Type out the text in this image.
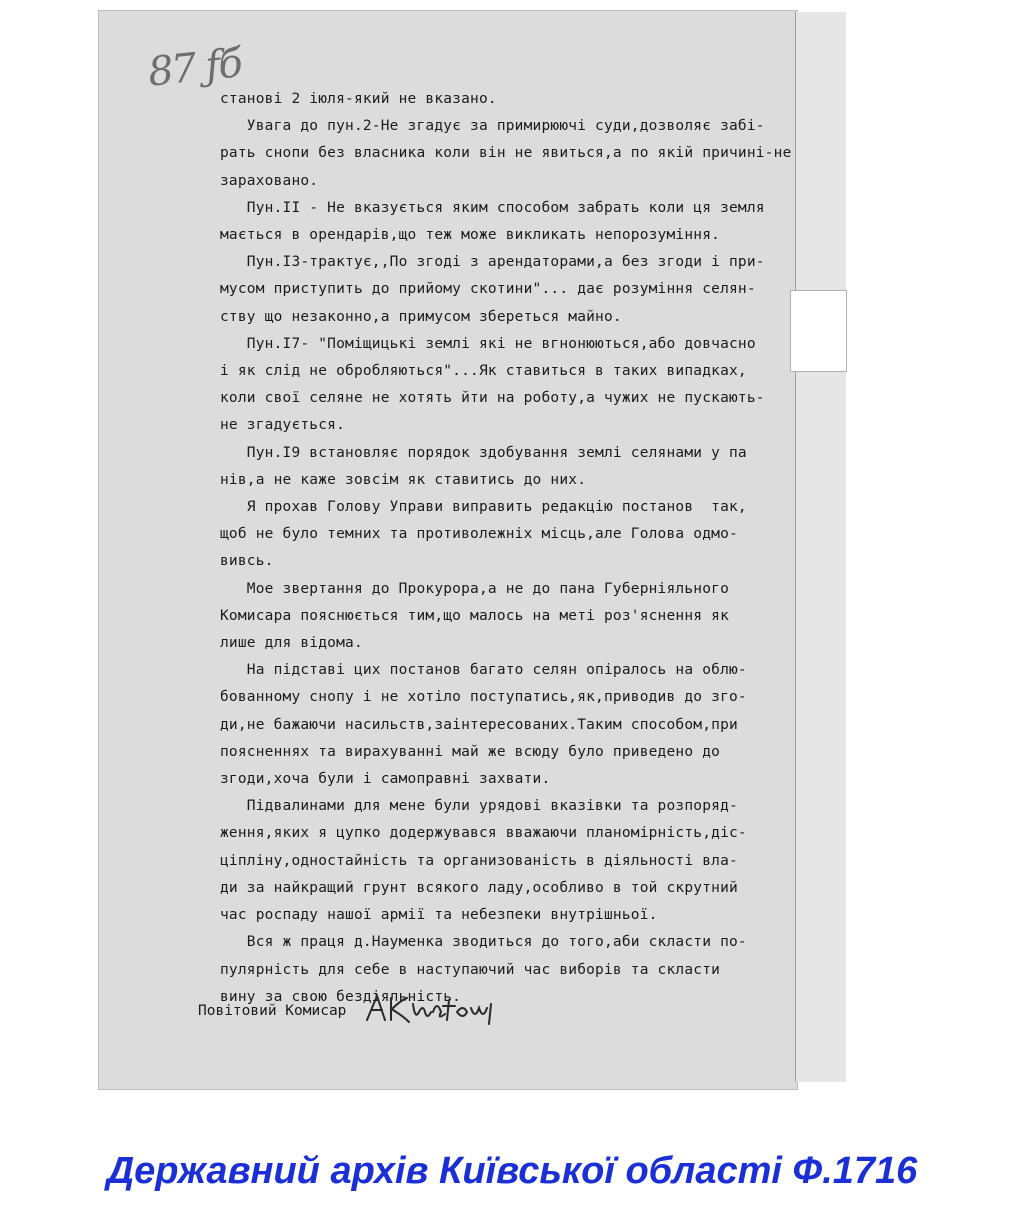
87 ƒб
станові 2 іюля-який не вказано.
Увага до пун.2-Не згадує за примирюючі суди,дозволяє забі-
рать снопи без власника коли він не явиться,а по якій причині-не
зараховано.
Пун.ІІ - Не вказується яким способом забрать коли ця земля
мається в орендарів,що теж може викликать непорозуміння.
Пун.ІЗ-трактує,,По згоді з арендаторами,а без згоди і при-
мусом приступить до прийому скотини"... дає розуміння селян-
ству що незаконно,а примусом збереться майно.
Пун.І7- "Поміщицькі землі які не вгнонюються,або довчасно
і як слід не обробляються"...Як ставиться в таких випадках,
коли свої селяне не хотять йти на роботу,а чужих не пускають-
не згадується.
Пун.І9 встановляє порядок здобування землі селянами у па
нів,а не каже зовсім як ставитись до них.
Я прохав Голову Управи виправить редакцію постанов  так,
щоб не було темних та противолежніх місць,але Голова одмо-
вивсь.
Мое звертання до Прокурора,а не до пана Губерніяльного
Комисара пояснюється тим,що малось на меті роз'яснення як
лише для відома.
На підставі цих постанов багато селян опіралось на облю-
бованному снопу і не хотіло поступатись,як,приводив до зго-
ди,не бажаючи насильств,заінтересованих.Таким способом,при
поясненнях та вирахуванні май же всюду було приведено до
згоди,хоча були і самоправні захвати.
Підвалинами для мене були урядові вказівки та розпоряд-
ження,яких я цупко додержувався вважаючи планомірність,діс-
ціпліну,одностайність та организованість в діяльності вла-
ди за найкращий грунт всякого ладу,особливо в той скрутний
час роспаду нашої армії та небезпеки внутрішньої.
Вся ж праця д.Науменка зводиться до того,аби скласти по-
пулярність для себе в наступаючий час виборів та скласти
вину за свою бездіяльність.
Повітовий Комисар
Державний архів Київської області Ф.1716
